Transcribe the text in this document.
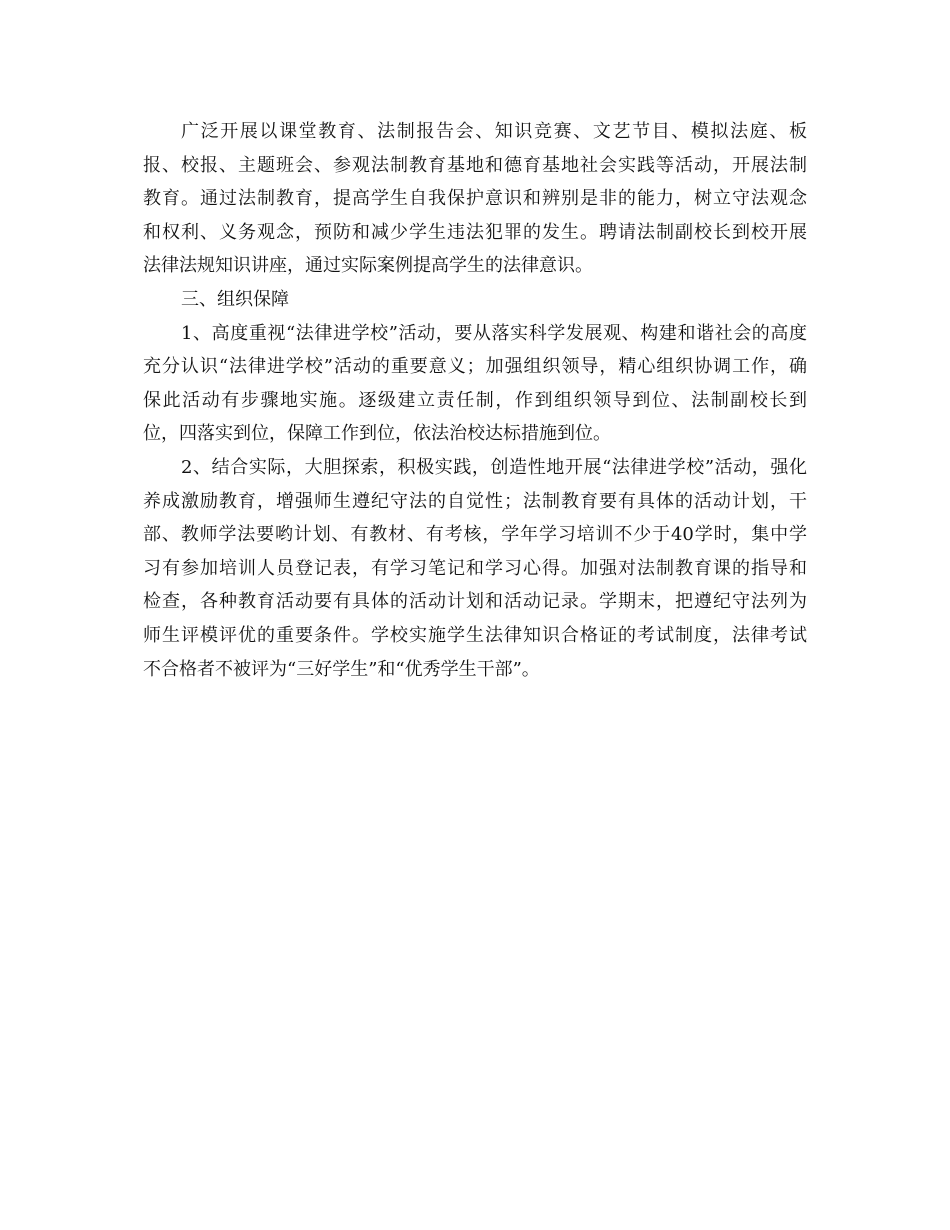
广泛开展以课堂教育、法制报告会、知识竞赛、文艺节目、模拟法庭、板
报、校报、主题班会、参观法制教育基地和德育基地社会实践等活动，开展法制
教育。通过法制教育，提高学生自我保护意识和辨别是非的能力，树立守法观念
和权利、义务观念，预防和减少学生违法犯罪的发生。聘请法制副校长到校开展
法律法规知识讲座，通过实际案例提高学生的法律意识。
三、组织保障
1、高度重视“法律进学校”活动，要从落实科学发展观、构建和谐社会的高度
充分认识“法律进学校”活动的重要意义；加强组织领导，精心组织协调工作，确
保此活动有步骤地实施。逐级建立责任制，作到组织领导到位、法制副校长到
位，四落实到位，保障工作到位，依法治校达标措施到位。
2、结合实际，大胆探索，积极实践，创造性地开展“法律进学校”活动，强化
养成激励教育，增强师生遵纪守法的自觉性；法制教育要有具体的活动计划，干
部、教师学法要哟计划、有教材、有考核，学年学习培训不少于40学时，集中学
习有参加培训人员登记表，有学习笔记和学习心得。加强对法制教育课的指导和
检查，各种教育活动要有具体的活动计划和活动记录。学期末，把遵纪守法列为
师生评模评优的重要条件。学校实施学生法律知识合格证的考试制度，法律考试
不合格者不被评为“三好学生”和“优秀学生干部”。
